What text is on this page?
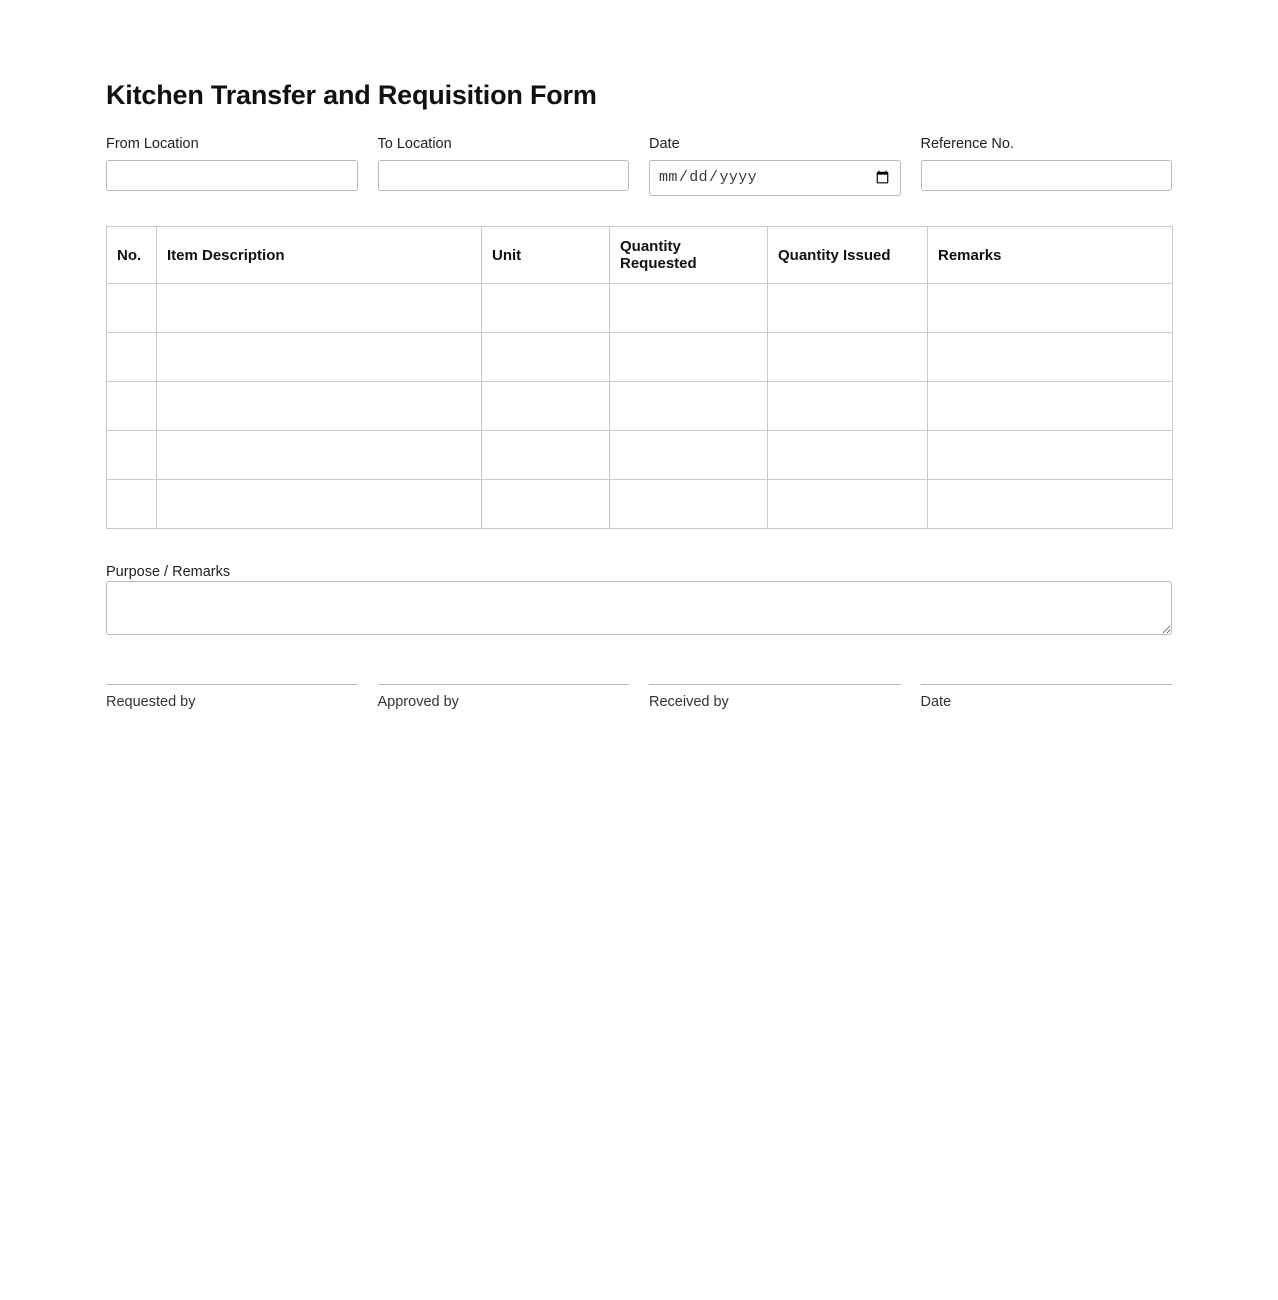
Kitchen Transfer and Requisition Form
From Location	To Location	Date	Reference No.
No.	Item Description	Unit	Quantity Requested	Quantity Issued	Remarks

Purpose / Remarks
Requested by	Approved by	Received by	Date
